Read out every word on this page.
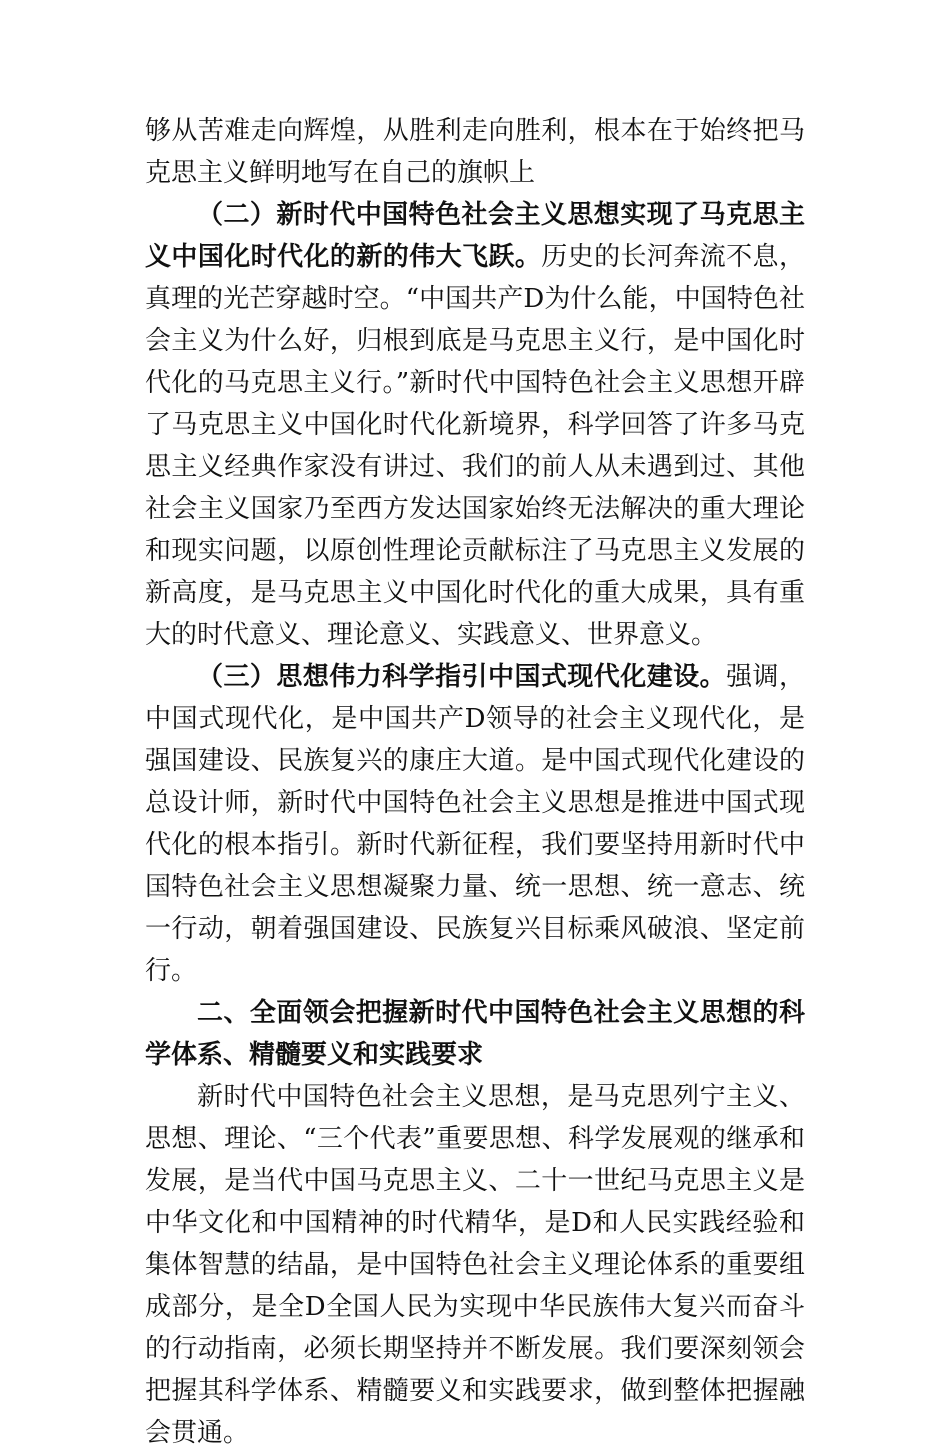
够从苦难走向辉煌，从胜利走向胜利，根本在于始终把马克思主义鲜明地写在自己的旗帜上

（二）新时代中国特色社会主义思想实现了马克思主义中国化时代化的新的伟大飞跃。历史的长河奔流不息，真理的光芒穿越时空。“中国共产D为什么能，中国特色社会主义为什么好，归根到底是马克思主义行，是中国化时代化的马克思主义行。”新时代中国特色社会主义思想开辟了马克思主义中国化时代化新境界，科学回答了许多马克思主义经典作家没有讲过、我们的前人从未遇到过、其他社会主义国家乃至西方发达国家始终无法解决的重大理论和现实问题，以原创性理论贡献标注了马克思主义发展的新高度，是马克思主义中国化时代化的重大成果，具有重大的时代意义、理论意义、实践意义、世界意义。

（三）思想伟力科学指引中国式现代化建设。强调，中国式现代化，是中国共产D领导的社会主义现代化，是强国建设、民族复兴的康庄大道。是中国式现代化建设的总设计师，新时代中国特色社会主义思想是推进中国式现代化的根本指引。新时代新征程，我们要坚持用新时代中国特色社会主义思想凝聚力量、统一思想、统一意志、统一行动，朝着强国建设、民族复兴目标乘风破浪、坚定前行。

二、全面领会把握新时代中国特色社会主义思想的科学体系、精髓要义和实践要求

新时代中国特色社会主义思想，是马克思列宁主义、思想、理论、“三个代表”重要思想、科学发展观的继承和发展，是当代中国马克思主义、二十一世纪马克思主义是中华文化和中国精神的时代精华，是D和人民实践经验和集体智慧的结晶，是中国特色社会主义理论体系的重要组成部分，是全D全国人民为实现中华民族伟大复兴而奋斗的行动指南，必须长期坚持并不断发展。我们要深刻领会把握其科学体系、精髓要义和实践要求，做到整体把握融会贯通。
